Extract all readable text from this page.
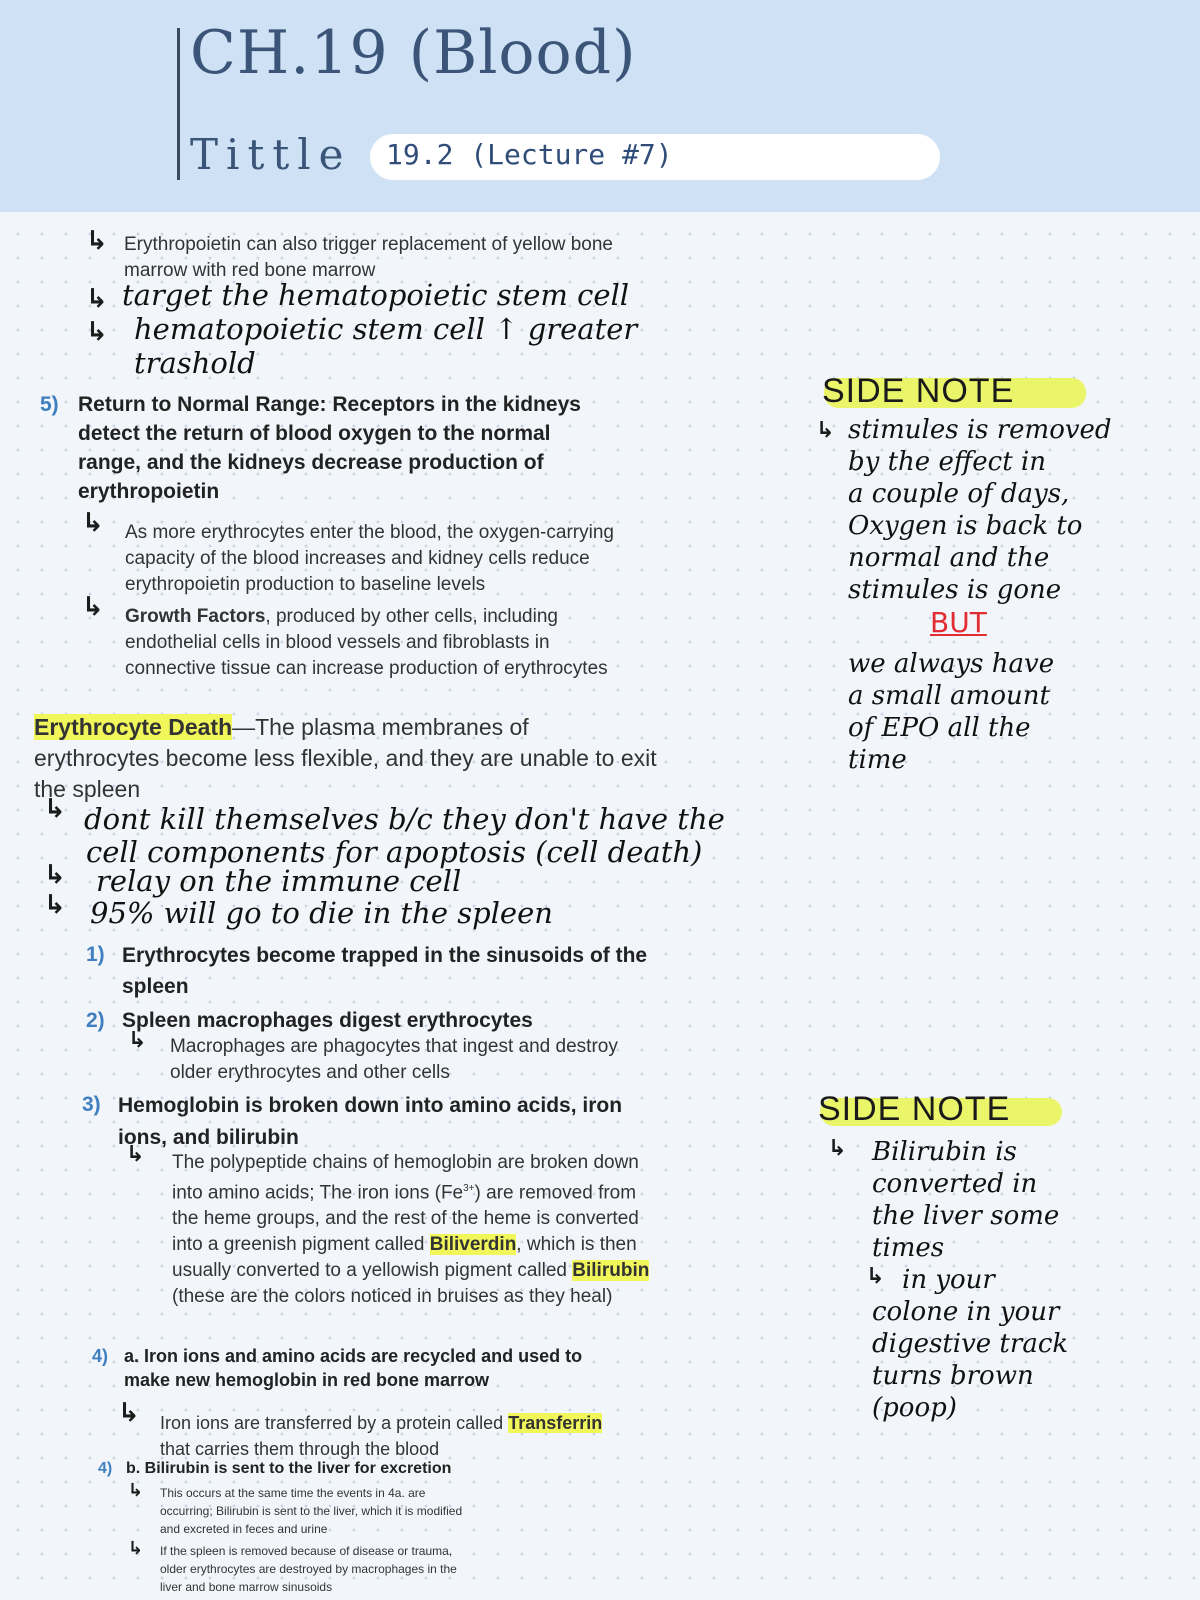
CH.19 (Blood)
Tittle 19.2 (Lecture #7)
↳ Erythropoietin can also trigger replacement of yellow bone
marrow with red bone marrow
↳ target the hematopoietic stem cell
↳ hematopoietic stem cell ↑ greater
trashold
5) Return to Normal Range: Receptors in the kidneys
detect the return of blood oxygen to the normal
range, and the kidneys decrease production of
erythropoietin
↳ As more erythrocytes enter the blood, the oxygen-carrying
capacity of the blood increases and kidney cells reduce
erythropoietin production to baseline levels
↳ Growth Factors, produced by other cells, including
endothelial cells in blood vessels and fibroblasts in
connective tissue can increase production of erythrocytes
Erythrocyte Death—The plasma membranes of
erythrocytes become less flexible, and they are unable to exit
the spleen
↳ dont kill themselves b/c they don't have the
cell components for apoptosis (cell death)
↳ relay on the immune cell
↳ 95% will go to die in the spleen
1) Erythrocytes become trapped in the sinusoids of the
spleen
2) Spleen macrophages digest erythrocytes
↳ Macrophages are phagocytes that ingest and destroy
older erythrocytes and other cells
3) Hemoglobin is broken down into amino acids, iron
ions, and bilirubin
↳ The polypeptide chains of hemoglobin are broken down
into amino acids; The iron ions $(Fe^{3+})$ are removed from
the heme groups, and the rest of the heme is converted
into a greenish pigment called Biliverdin, which is then
usually converted to a yellowish pigment called Bilirubin
(these are the colors noticed in bruises as they heal)
4) a. Iron ions and amino acids are recycled and used to
make new hemoglobin in red bone marrow
↳ Iron ions are transferred by a protein called Transferrin
that carries them through the blood
4) b. Bilirubin is sent to the liver for excretion
↳ This occurs at the same time the events in 4a. are
occurring; Bilirubin is sent to the liver, which it is modified
and excreted in feces and urine
↳ If the spleen is removed because of disease or trauma,
older erythrocytes are destroyed by macrophages in the
liver and bone marrow sinusoids
SIDE NOTE
↳ stimules is removed
by the effect in
a couple of days,
Oxygen is back to
normal and the
stimules is gone
BUT
we always have
a small amount
of EPO all the
time
SIDE NOTE
↳ Bilirubin is
converted in
the liver some
times
↳ in your
colone in your
digestive track
turns brown
(poop)
